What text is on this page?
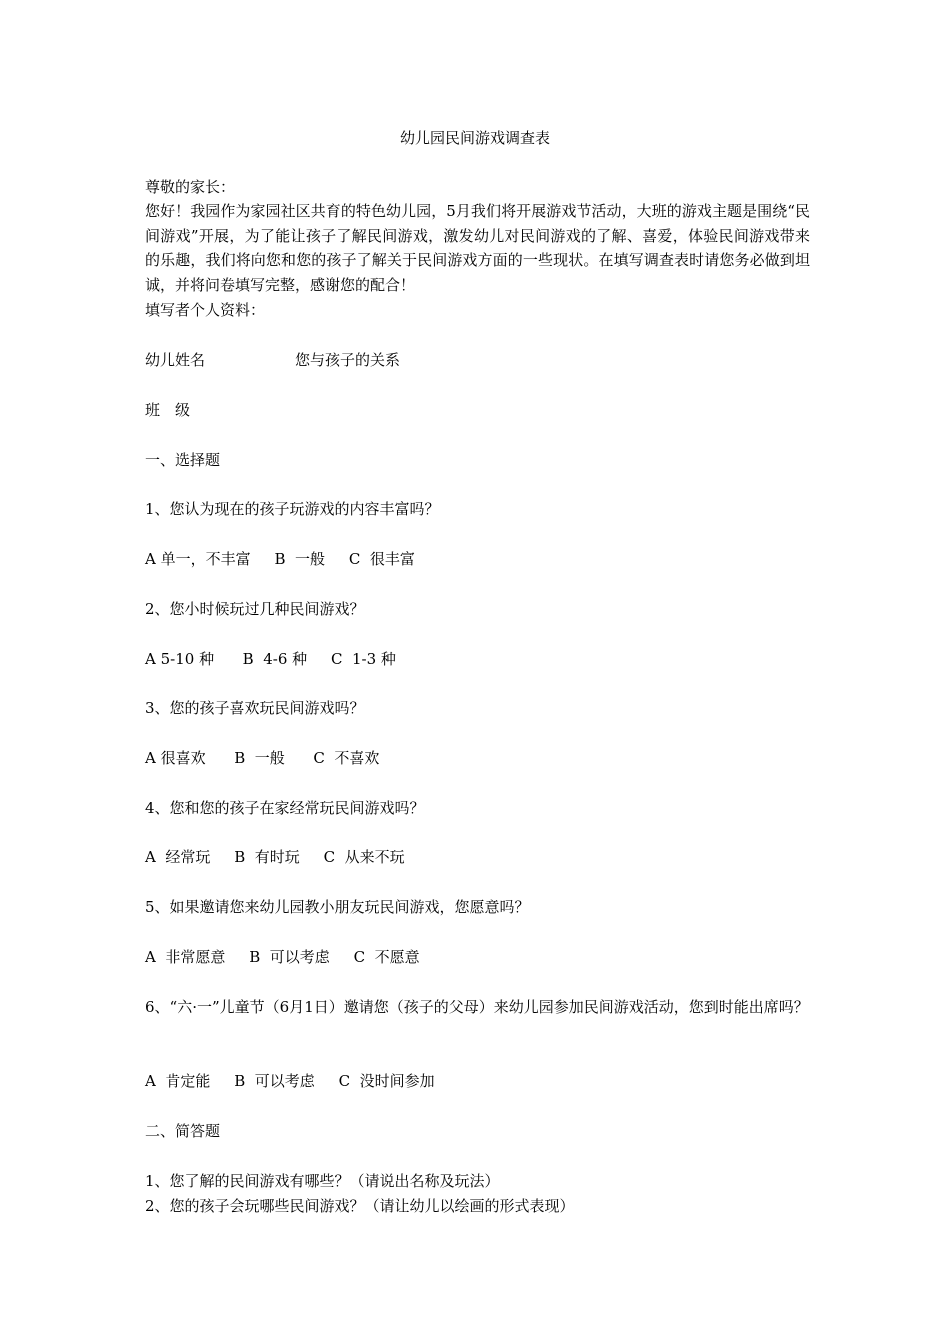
幼儿园民间游戏调查表
尊敬的家长：
您好！我园作为家园社区共育的特色幼儿园，5月我们将开展游戏节活动，大班的游戏主题是围绕“民间游戏”开展，为了能让孩子了解民间游戏，激发幼儿对民间游戏的了解、喜爱，体验民间游戏带来的乐趣，我们将向您和您的孩子了解关于民间游戏方面的一些现状。在填写调查表时请您务必做到坦诚，并将问卷填写完整，感谢您的配合！
填写者个人资料：
幼儿姓名	您与孩子的关系
班　级
一、选择题
1、您认为现在的孩子玩游戏的内容丰富吗？
A 单一，不丰富     B  一般     C  很丰富
2、您小时候玩过几种民间游戏？
A 5-10 种      B  4-6 种     C  1-3 种
3、您的孩子喜欢玩民间游戏吗？
A 很喜欢      B  一般      C  不喜欢
4、您和您的孩子在家经常玩民间游戏吗？
A  经常玩     B  有时玩     C  从来不玩
5、如果邀请您来幼儿园教小朋友玩民间游戏，您愿意吗？
A  非常愿意     B  可以考虑     C  不愿意
6、“六·一”儿童节（6月1日）邀请您（孩子的父母）来幼儿园参加民间游戏活动，您到时能出席吗？
A  肯定能     B  可以考虑     C  没时间参加
二、简答题
1、您了解的民间游戏有哪些？（请说出名称及玩法）
2、您的孩子会玩哪些民间游戏？（请让幼儿以绘画的形式表现）
